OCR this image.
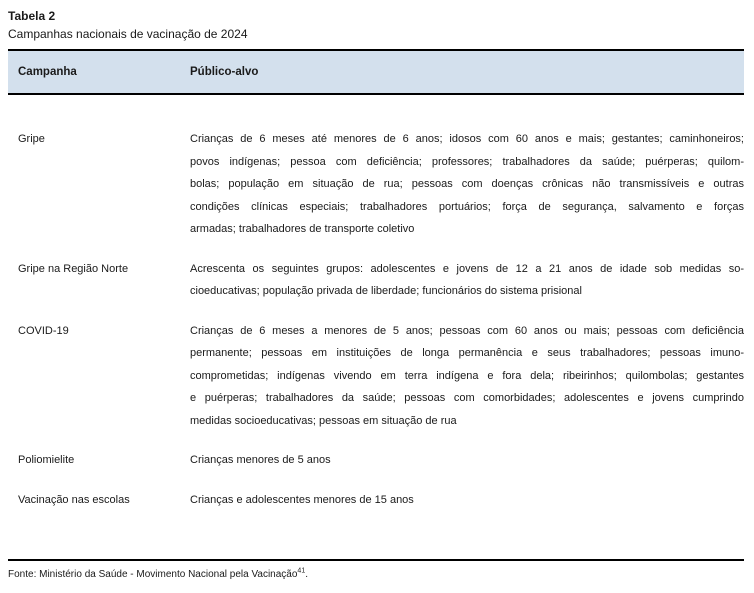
Tabela 2
Campanhas nacionais de vacinação de 2024
Campanha	Público-alvo
Gripe	Crianças de 6 meses até menores de 6 anos; idosos com 60 anos e mais; gestantes; caminhoneiros;
povos indígenas; pessoa com deficiência; professores; trabalhadores da saúde; puérperas; quilom-
bolas; população em situação de rua; pessoas com doenças crônicas não transmissíveis e outras
condições clínicas especiais; trabalhadores portuários; força de segurança, salvamento e forças
armadas; trabalhadores de transporte coletivo
Gripe na Região Norte	Acrescenta os seguintes grupos: adolescentes e jovens de 12 a 21 anos de idade sob medidas so-
cioeducativas; população privada de liberdade; funcionários do sistema prisional
COVID-19	Crianças de 6 meses a menores de 5 anos; pessoas com 60 anos ou mais; pessoas com deficiência
permanente; pessoas em instituições de longa permanência e seus trabalhadores; pessoas imuno-
comprometidas; indígenas vivendo em terra indígena e fora dela; ribeirinhos; quilombolas; gestantes
e puérperas; trabalhadores da saúde; pessoas com comorbidades; adolescentes e jovens cumprindo
medidas socioeducativas; pessoas em situação de rua
Poliomielite	Crianças menores de 5 anos
Vacinação nas escolas	Crianças e adolescentes menores de 15 anos
Fonte: Ministério da Saúde - Movimento Nacional pela Vacinação$^{41}$.
